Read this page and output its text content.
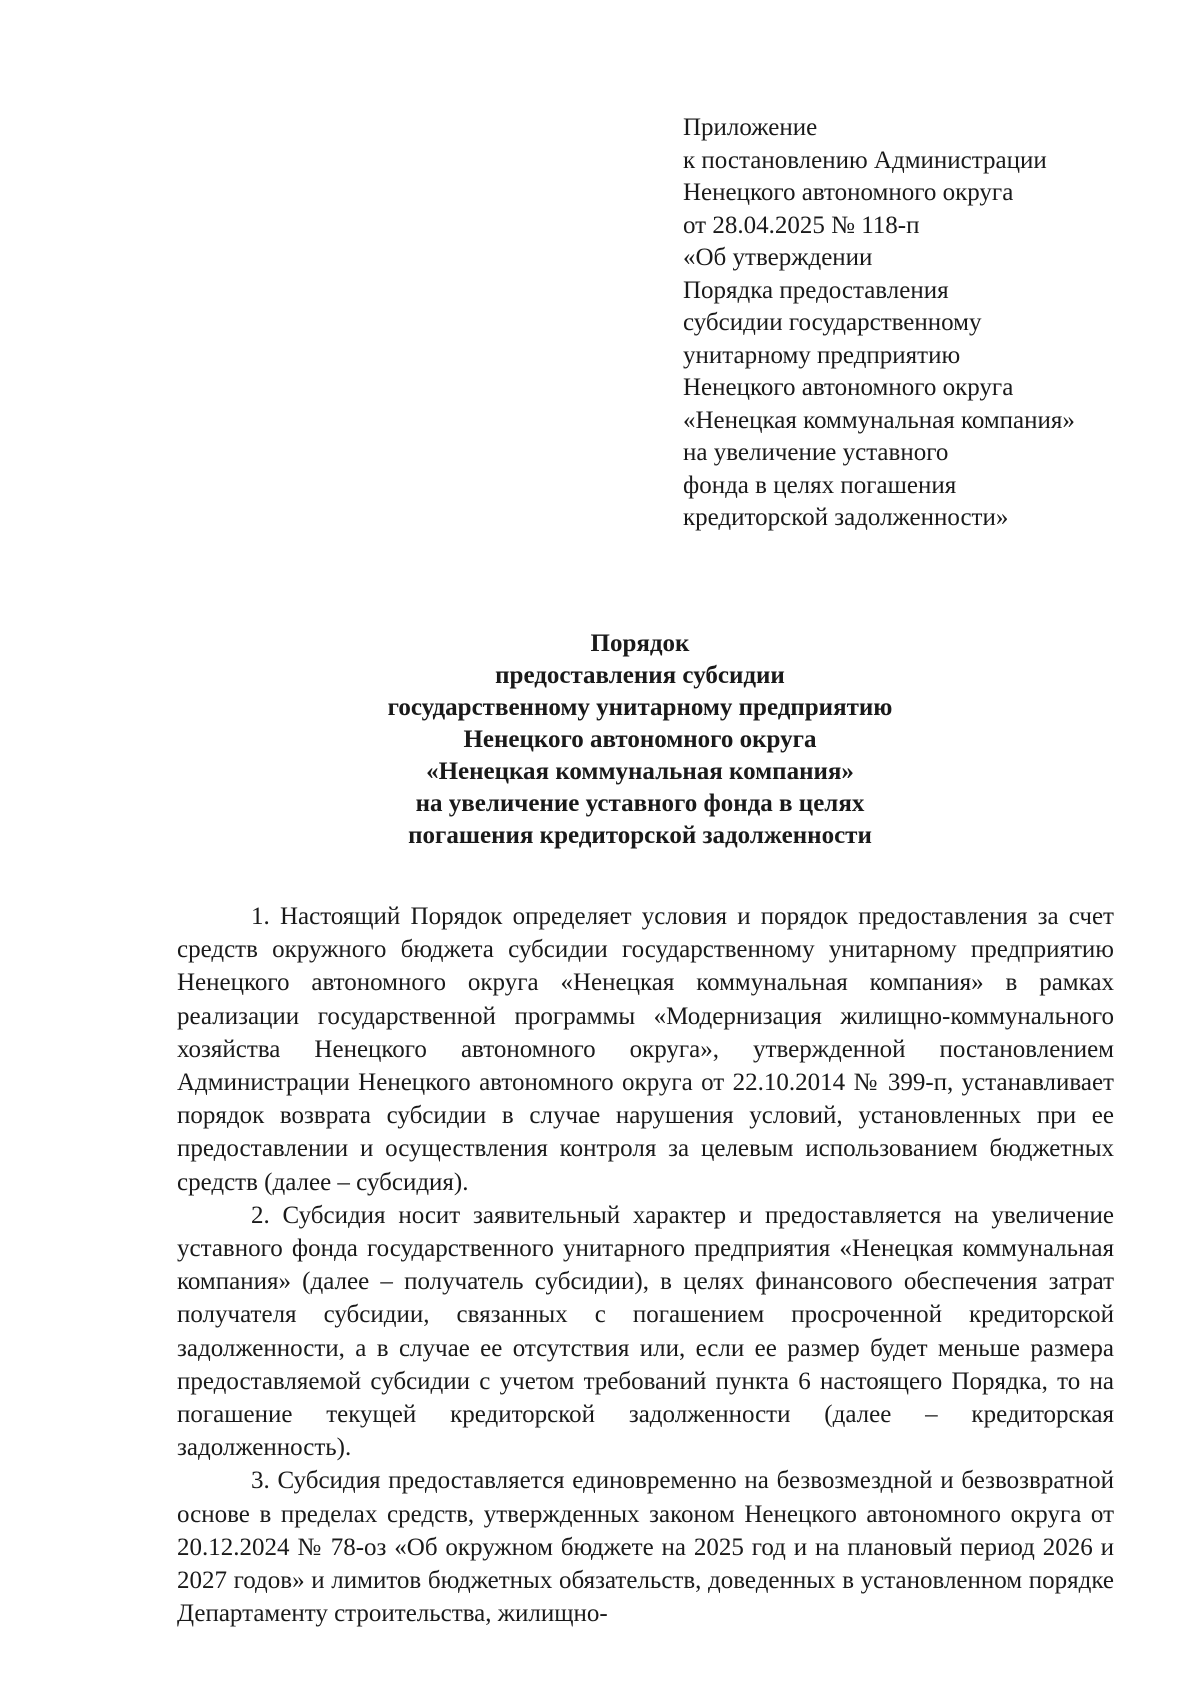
Приложение
к постановлению Администрации
Ненецкого автономного округа
от 28.04.2025 № 118-п
«Об утверждении
Порядка предоставления
субсидии государственному
унитарному предприятию
Ненецкого автономного округа
«Ненецкая коммунальная компания»
на увеличение уставного
фонда в целях погашения
кредиторской задолженности»
Порядок
предоставления субсидии
государственному унитарному предприятию
Ненецкого автономного округа
«Ненецкая коммунальная компания»
на увеличение уставного фонда в целях
погашения кредиторской задолженности

1. Настоящий Порядок определяет условия и порядок предоставления за счет средств окружного бюджета субсидии государственному унитарному предприятию Ненецкого автономного округа «Ненецкая коммунальная компания» в рамках реализации государственной программы «Модернизация жилищно-коммунального хозяйства Ненецкого автономного округа», утвержденной постановлением Администрации Ненецкого автономного округа от 22.10.2014 № 399-п, устанавливает порядок возврата субсидии в случае нарушения условий, установленных при ее предоставлении и осуществления контроля за целевым использованием бюджетных средств (далее – субсидия).

2. Субсидия носит заявительный характер и предоставляется на увеличение уставного фонда государственного унитарного предприятия «Ненецкая коммунальная компания» (далее – получатель субсидии), в целях финансового обеспечения затрат получателя субсидии, связанных с погашением просроченной кредиторской задолженности, а в случае ее отсутствия или, если ее размер будет меньше размера предоставляемой субсидии с учетом требований пункта 6 настоящего Порядка, то на погашение текущей кредиторской задолженности (далее – кредиторская задолженность).

3. Субсидия предоставляется единовременно на безвозмездной и безвозвратной основе в пределах средств, утвержденных законом Ненецкого автономного округа от 20.12.2024 № 78-оз «Об окружном бюджете на 2025 год и на плановый период 2026 и 2027 годов» и лимитов бюджетных обязательств, доведенных в установленном порядке Департаменту строительства, жилищно-
